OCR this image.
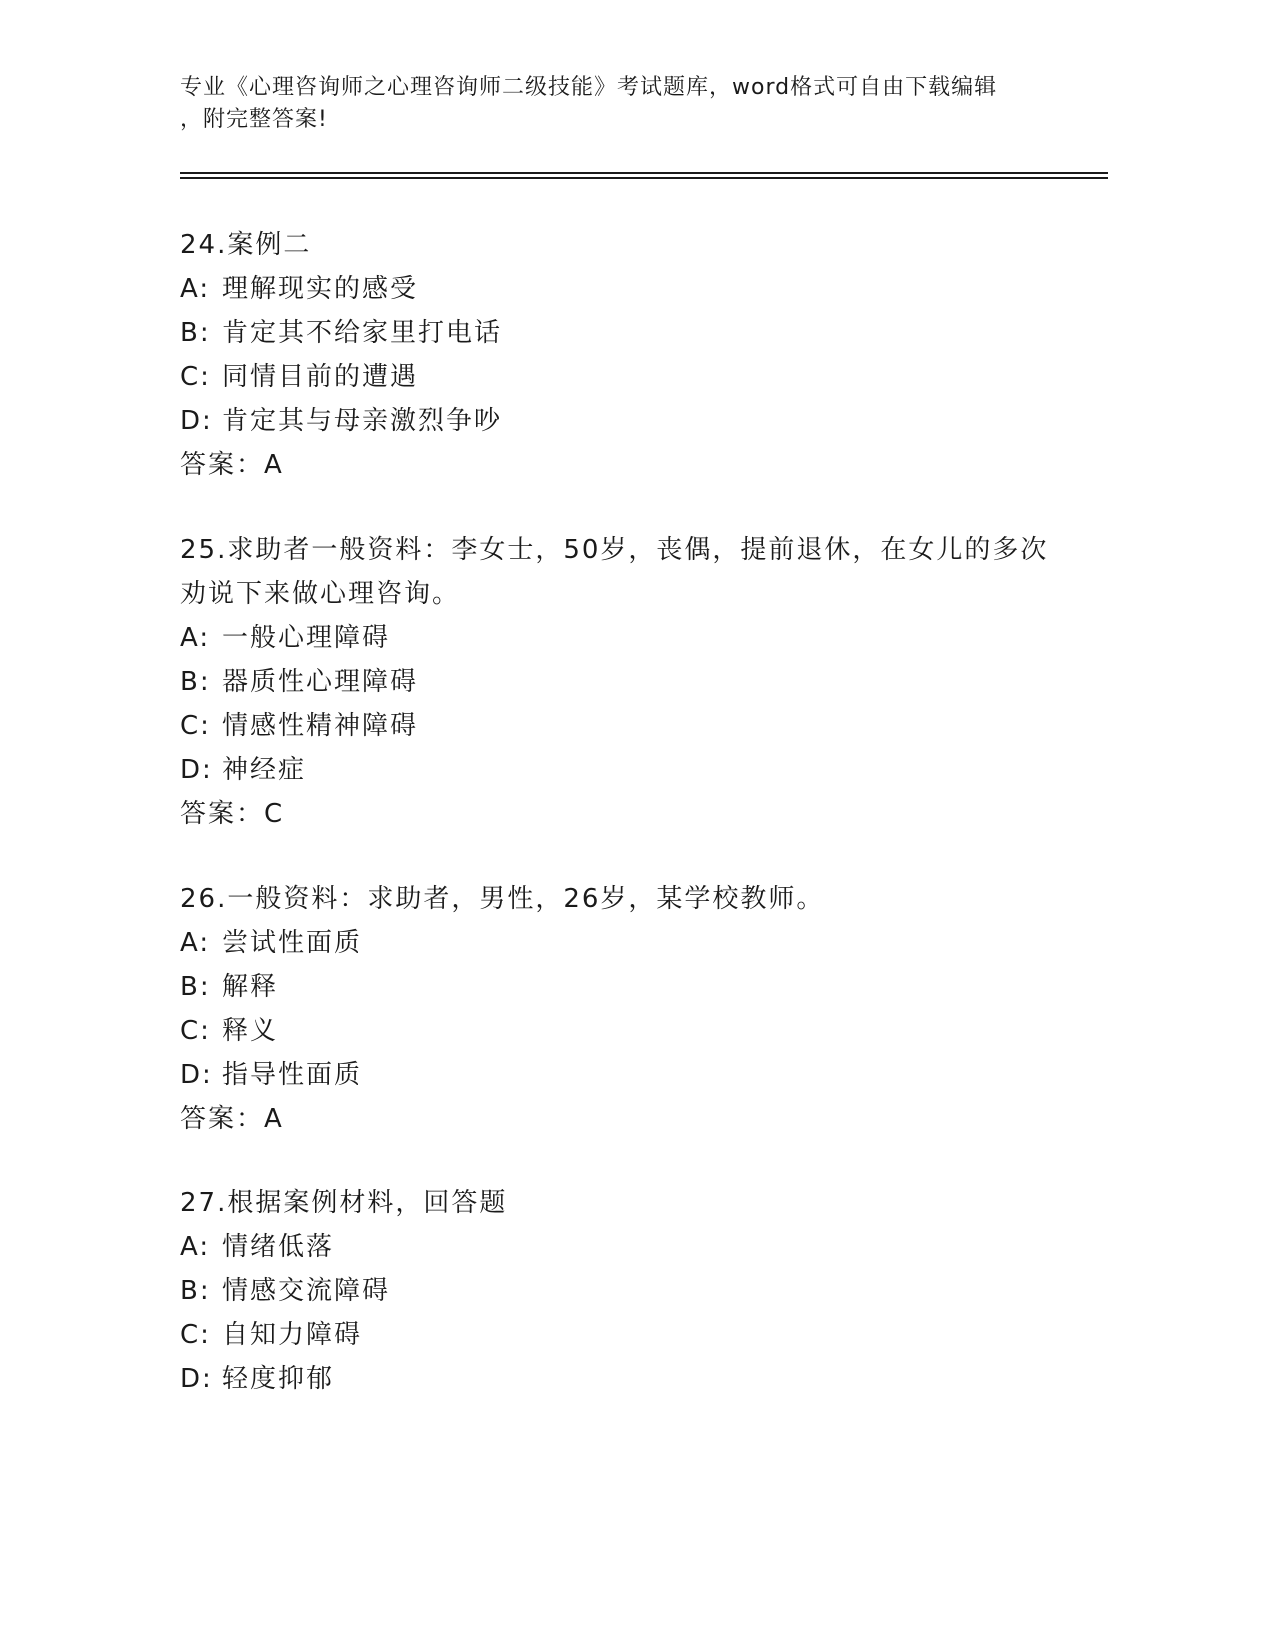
专业《心理咨询师之心理咨询师二级技能》考试题库，word格式可自由下载编辑
，附完整答案!
24.案例二
A: 理解现实的感受
B: 肯定其不给家里打电话
C: 同情目前的遭遇
D: 肯定其与母亲激烈争吵
答案：A
25.求助者一般资料：李女士，50岁，丧偶，提前退休，在女儿的多次
劝说下来做心理咨询。
A: 一般心理障碍
B: 器质性心理障碍
C: 情感性精神障碍
D: 神经症
答案：C
26.一般资料：求助者，男性，26岁，某学校教师。
A: 尝试性面质
B: 解释
C: 释义
D: 指导性面质
答案：A
27.根据案例材料，回答题
A: 情绪低落
B: 情感交流障碍
C: 自知力障碍
D: 轻度抑郁
